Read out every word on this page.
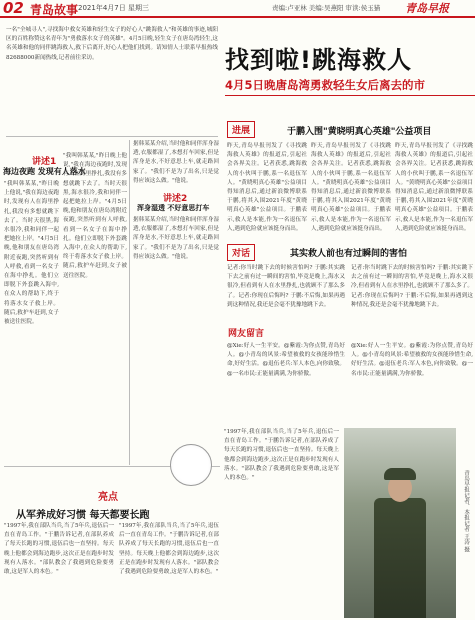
02 青岛故事 2021年4月7日 星期三	责编:卢亚林 美编:吴燕阳 审读:侯玉猫 青岛早报
一名"全城寻人",寻找海中救女英雄和轻生女子的好心人"跳海救人"和英雄的事迹,城阳区的百姓称赞这名青年为"勇救落水女子的英雄"。4月5日晚,轻生女子在唐岛湾轻生,这名英雄和他的同伴跳海救人,救下后离开,好心人把他们找到。请知情人士联系早报热线82688000新闻热线,记者前往采访。
讲述1
海边夜跑 发现有人落水
"我叫韩某某,"昨日晚上他说,"我在海边夜跑时,发现有人在海里挣扎,我没有多想就跳下去了。当时天很黑,海水很冷,我和同伴一起把她拉上岸。"4月5日晚,他和朋友在唐岛湾附近夜跑,突然听到有人呼救,看到一名女子在海中挣扎。他们立即脱下外套跳入海中,在众人的帮助下,终于将落水女子救上岸。随后,救护车赶到,女子被送往医院。
"我叫韩某某,"昨日晚上他说,"我在海边夜跑时,发现有人在海里挣扎,我没有多想就跳下去了。当时天很黑,海水很冷,我和同伴一起把她拉上岸。"4月5日晚,他和朋友在唐岛湾附近夜跑,突然听到有人呼救,看到一名女子在海中挣扎。他们立即脱下外套跳入海中,在众人的帮助下,终于将落水女子救上岸。随后,救护车赶到,女子被送往医院。
据韩某某介绍,当时他和同伴浑身湿透,衣服都湿了,本想打车回家,但是浑身是水,不好意思上车,就走路回家了。"我们不是为了出名,只是觉得应该这么做。"他说。
讲述2
浑身湿透 不好意思打车
据韩某某介绍,当时他和同伴浑身湿透,衣服都湿了,本想打车回家,但是浑身是水,不好意思上车,就走路回家了。"我们不是为了出名,只是觉得应该这么做。"他说。
找到啦!跳海救人
4月5日晚唐岛湾勇救轻生女后离去的市
进展	于鹏入围"黄晓明真心英雄"公益项目
昨天,青岛早报刊发了《寻找跳海救人英雄》的报道后,引起社会各界关注。记者获悉,跳海救人的小伙叫于鹏,系一名退伍军人。"黄晓明真心英雄"公益项目得知消息后,通过新浪微博联系于鹏,将其入围2021年度"黄晓明真心英雄"公益项目。于鹏表示,救人是本能,作为一名退伍军人,遇到危险就应该挺身而出。
昨天,青岛早报刊发了《寻找跳海救人英雄》的报道后,引起社会各界关注。记者获悉,跳海救人的小伙叫于鹏,系一名退伍军人。"黄晓明真心英雄"公益项目得知消息后,通过新浪微博联系于鹏,将其入围2021年度"黄晓明真心英雄"公益项目。于鹏表示,救人是本能,作为一名退伍军人,遇到危险就应该挺身而出。
昨天,青岛早报刊发了《寻找跳海救人英雄》的报道后,引起社会各界关注。记者获悉,跳海救人的小伙叫于鹏,系一名退伍军人。"黄晓明真心英雄"公益项目得知消息后,通过新浪微博联系于鹏,将其入围2021年度"黄晓明真心英雄"公益项目。于鹏表示,救人是本能,作为一名退伍军人,遇到危险就应该挺身而出。
对话	其实救人前也有过瞬间的害怕
记者:你当时跳下去的时候害怕吗? 于鹏:其实跳下去之前有过一瞬间的害怕,毕竟是晚上,海水又很冷,但看到有人在水里挣扎,也就顾不了那么多了。记者:你现在后悔吗? 于鹏:不后悔,如果再遇到这种情况,我还是会毫不犹豫地跳下去。
记者:你当时跳下去的时候害怕吗? 于鹏:其实跳下去之前有过一瞬间的害怕,毕竟是晚上,海水又很冷,但看到有人在水里挣扎,也就顾不了那么多了。记者:你现在后悔吗? 于鹏:不后悔,如果再遇到这种情况,我还是会毫不犹豫地跳下去。
网友留言
@Xie:好人一生平安。@紫霞:为你点赞,青岛好人。@小青岛的风景:希望被救的女孩能珍惜生命,好好生活。@退伍老兵:军人本色,向你致敬。@一名市民:正能量满满,为你骄傲。
@Xie:好人一生平安。@紫霞:为你点赞,青岛好人。@小青岛的风景:希望被救的女孩能珍惜生命,好好生活。@退伍老兵:军人本色,向你致敬。@一名市民:正能量满满,为你骄傲。
亮点
从军养成好习惯 每天都要长跑
"1997年,我在部队当兵,当了5年兵,退伍后一直在青岛工作。"于鹏告诉记者,在部队养成了每天长跑的习惯,退伍后也一直坚持。每天晚上他都会到海边跑步,这次正是在跑步时发现有人落水。"部队教会了我遇到危险要勇敢,这是军人的本色。"
"1997年,我在部队当兵,当了5年兵,退伍后一直在青岛工作。"于鹏告诉记者,在部队养成了每天长跑的习惯,退伍后也一直坚持。每天晚上他都会到海边跑步,这次正是在跑步时发现有人落水。"部队教会了我遇到危险要勇敢,这是军人的本色。"
"1997年,我在部队当兵,当了5年兵,退伍后一直在青岛工作。"于鹏告诉记者,在部队养成了每天长跑的习惯,退伍后也一直坚持。每天晚上他都会到海边跑步,这次正是在跑步时发现有人落水。"部队教会了我遇到危险要勇敢,这是军人的本色。"	青岛早报记者、本报记者 王涛 摄
